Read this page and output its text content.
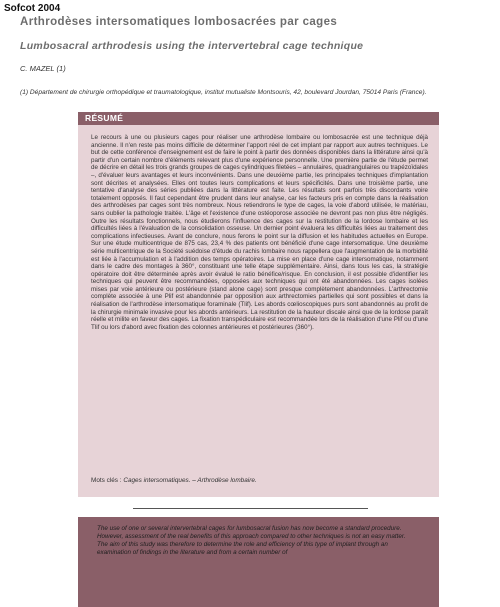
Sofcot 2004
Arthrodèses intersomatiques lombosacrées par cages
Lumbosacral arthrodesis using the intervertebral cage technique
C. MAZEL (1)
(1) Département de chirurgie orthopédique et traumatologique, institut mutualiste Montsouris, 42, boulevard Jourdan, 75014 Paris (France).
RÉSUMÉ
Le recours à une ou plusieurs cages pour réaliser une arthrodèse lombaire ou lombosacrée est une technique déjà ancienne. Il n'en reste pas moins difficile de déterminer l'apport réel de cet implant par rapport aux autres techniques. Le but de cette conférence d'enseignement est de faire le point à partir des données disponibles dans la littérature ainsi qu'à partir d'un certain nombre d'éléments relevant plus d'une expérience personnelle. Une première partie de l'étude permet de décrire en détail les trois grands groupes de cages cylindriques filetées – annulaires, quadrangulaires ou trapézoïdales –, d'évaluer leurs avantages et leurs inconvénients. Dans une deuxième partie, les principales techniques d'implantation sont décrites et analysées. Elles ont toutes leurs complications et leurs spécificités. Dans une troisième partie, une tentative d'analyse des séries publiées dans la littérature est faite. Les résultats sont parfois très discordants voire totalement opposés. Il faut cependant être prudent dans leur analyse, car les facteurs pris en compte dans la réalisation des arthrodèses par cages sont très nombreux. Nous retiendrons le type de cages, la voie d'abord utilisée, le matériau, sans oublier la pathologie traitée. L'âge et l'existence d'une ostéoporose associée ne devront pas non plus être négligés. Outre les résultats fonctionnels, nous étudierons l'influence des cages sur la restitution de la lordose lombaire et les difficultés liées à l'évaluation de la consolidation osseuse. Un dernier point évaluera les difficultés liées au traitement des complications infectieuses. Avant de conclure, nous ferons le point sur la diffusion et les habitudes actuelles en Europe. Sur une étude multicentrique de 875 cas, 23,4 % des patients ont bénéficié d'une cage intersomatique. Une deuxième série multicentrique de la Société suédoise d'étude du rachis lombaire nous rappellera que l'augmentation de la morbidité est liée à l'accumulation et à l'addition des temps opératoires. La mise en place d'une cage intersomatique, notamment dans le cadre des montages à 360°, constituant une telle étape supplémentaire. Ainsi, dans tous les cas, la stratégie opératoire doit être déterminée après avoir évalué le ratio bénéfice/risque. En conclusion, il est possible d'identifier les techniques qui peuvent être recommandées, opposées aux techniques qui ont été abandonnées. Les cages isolées mises par voie antérieure ou postérieure (stand alone cage) sont presque complètement abandonnées. L'arthrectomie complète associée à une Plif est abandonnée par opposition aux arthrectomies partielles qui sont possibles et dans la réalisation de l'arthrodèse intersomatique foraminale (Tlif). Les abords cœlioscopiques purs sont abandonnés au profit de la chirurgie minimale invasive pour les abords antérieurs. La restitution de la hauteur discale ainsi que de la lordose paraît réelle et milite en faveur des cages. La fixation transpédiculaire est recommandée lors de la réalisation d'une Plif ou d'une Tlif ou lors d'abord avec fixation des colonnes antérieures et postérieures (360°).
Mots clés : Cages intersomatiques. – Arthrodèse lombaire.
The use of one or several intervertebral cages for lumbosacral fusion has now become a standard procedure. However, assessment of the real benefits of this approach compared to other techniques is not an easy matter. The aim of this study was therefore to determine the role and efficiency of this type of implant through an examination of findings in the literature and from a certain number of
